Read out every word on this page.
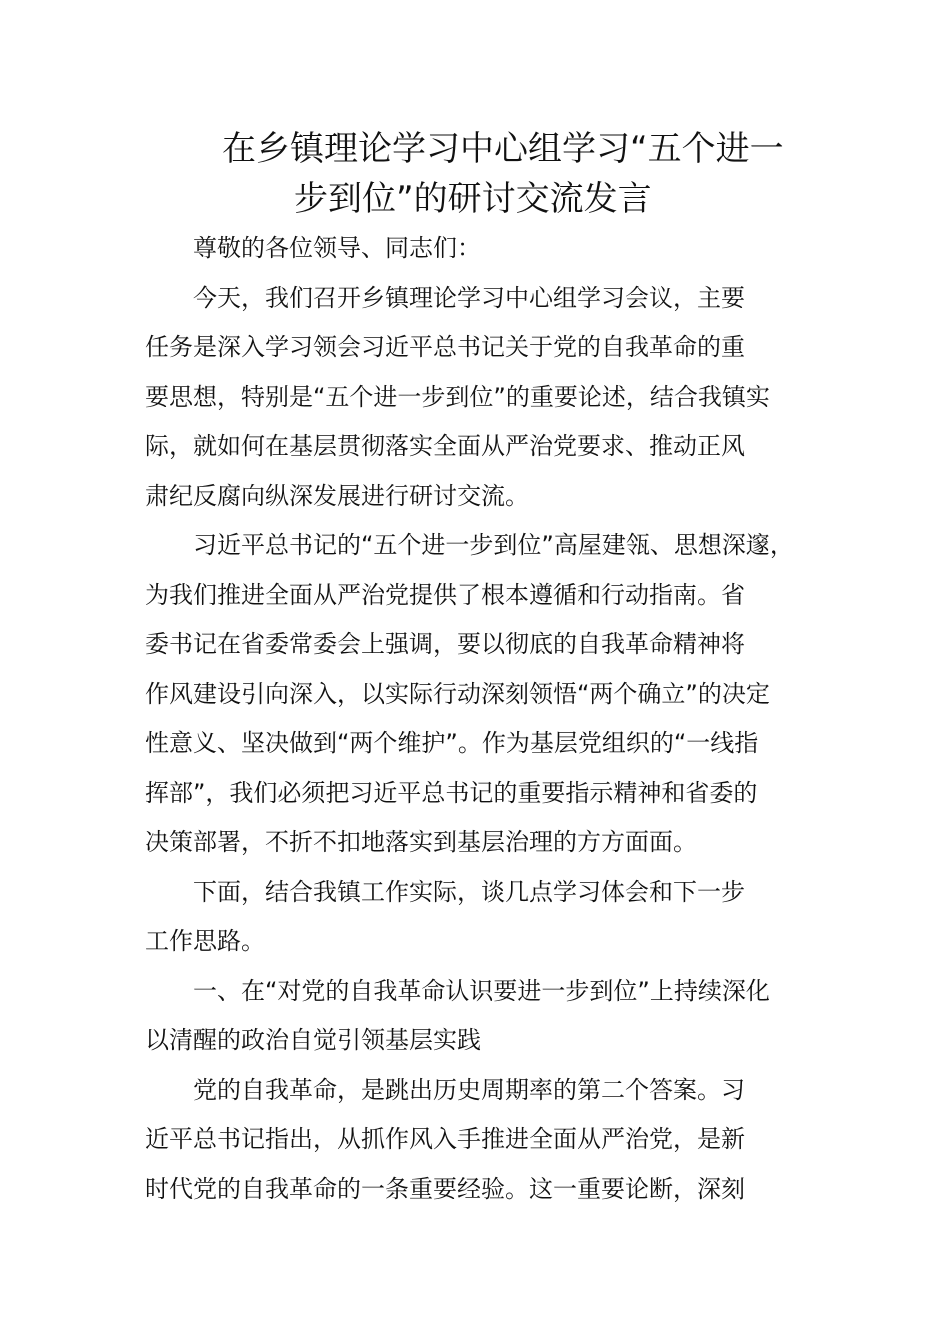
在乡镇理论学习中心组学习“五个进一
步到位”的研讨交流发言

尊敬的各位领导、同志们：

今天，我们召开乡镇理论学习中心组学习会议，主要

任务是深入学习领会习近平总书记关于党的自我革命的重

要思想，特别是“五个进一步到位”的重要论述，结合我镇实

际，就如何在基层贯彻落实全面从严治党要求、推动正风

肃纪反腐向纵深发展进行研讨交流。

习近平总书记的“五个进一步到位”高屋建瓴、思想深邃，

为我们推进全面从严治党提供了根本遵循和行动指南。省

委书记在省委常委会上强调，要以彻底的自我革命精神将

作风建设引向深入，以实际行动深刻领悟“两个确立”的决定

性意义、坚决做到“两个维护”。作为基层党组织的“一线指

挥部”，我们必须把习近平总书记的重要指示精神和省委的

决策部署，不折不扣地落实到基层治理的方方面面。

下面，结合我镇工作实际，谈几点学习体会和下一步

工作思路。

一、在“对党的自我革命认识要进一步到位”上持续深化

以清醒的政治自觉引领基层实践

党的自我革命，是跳出历史周期率的第二个答案。习

近平总书记指出，从抓作风入手推进全面从严治党，是新

时代党的自我革命的一条重要经验。这一重要论断，深刻
